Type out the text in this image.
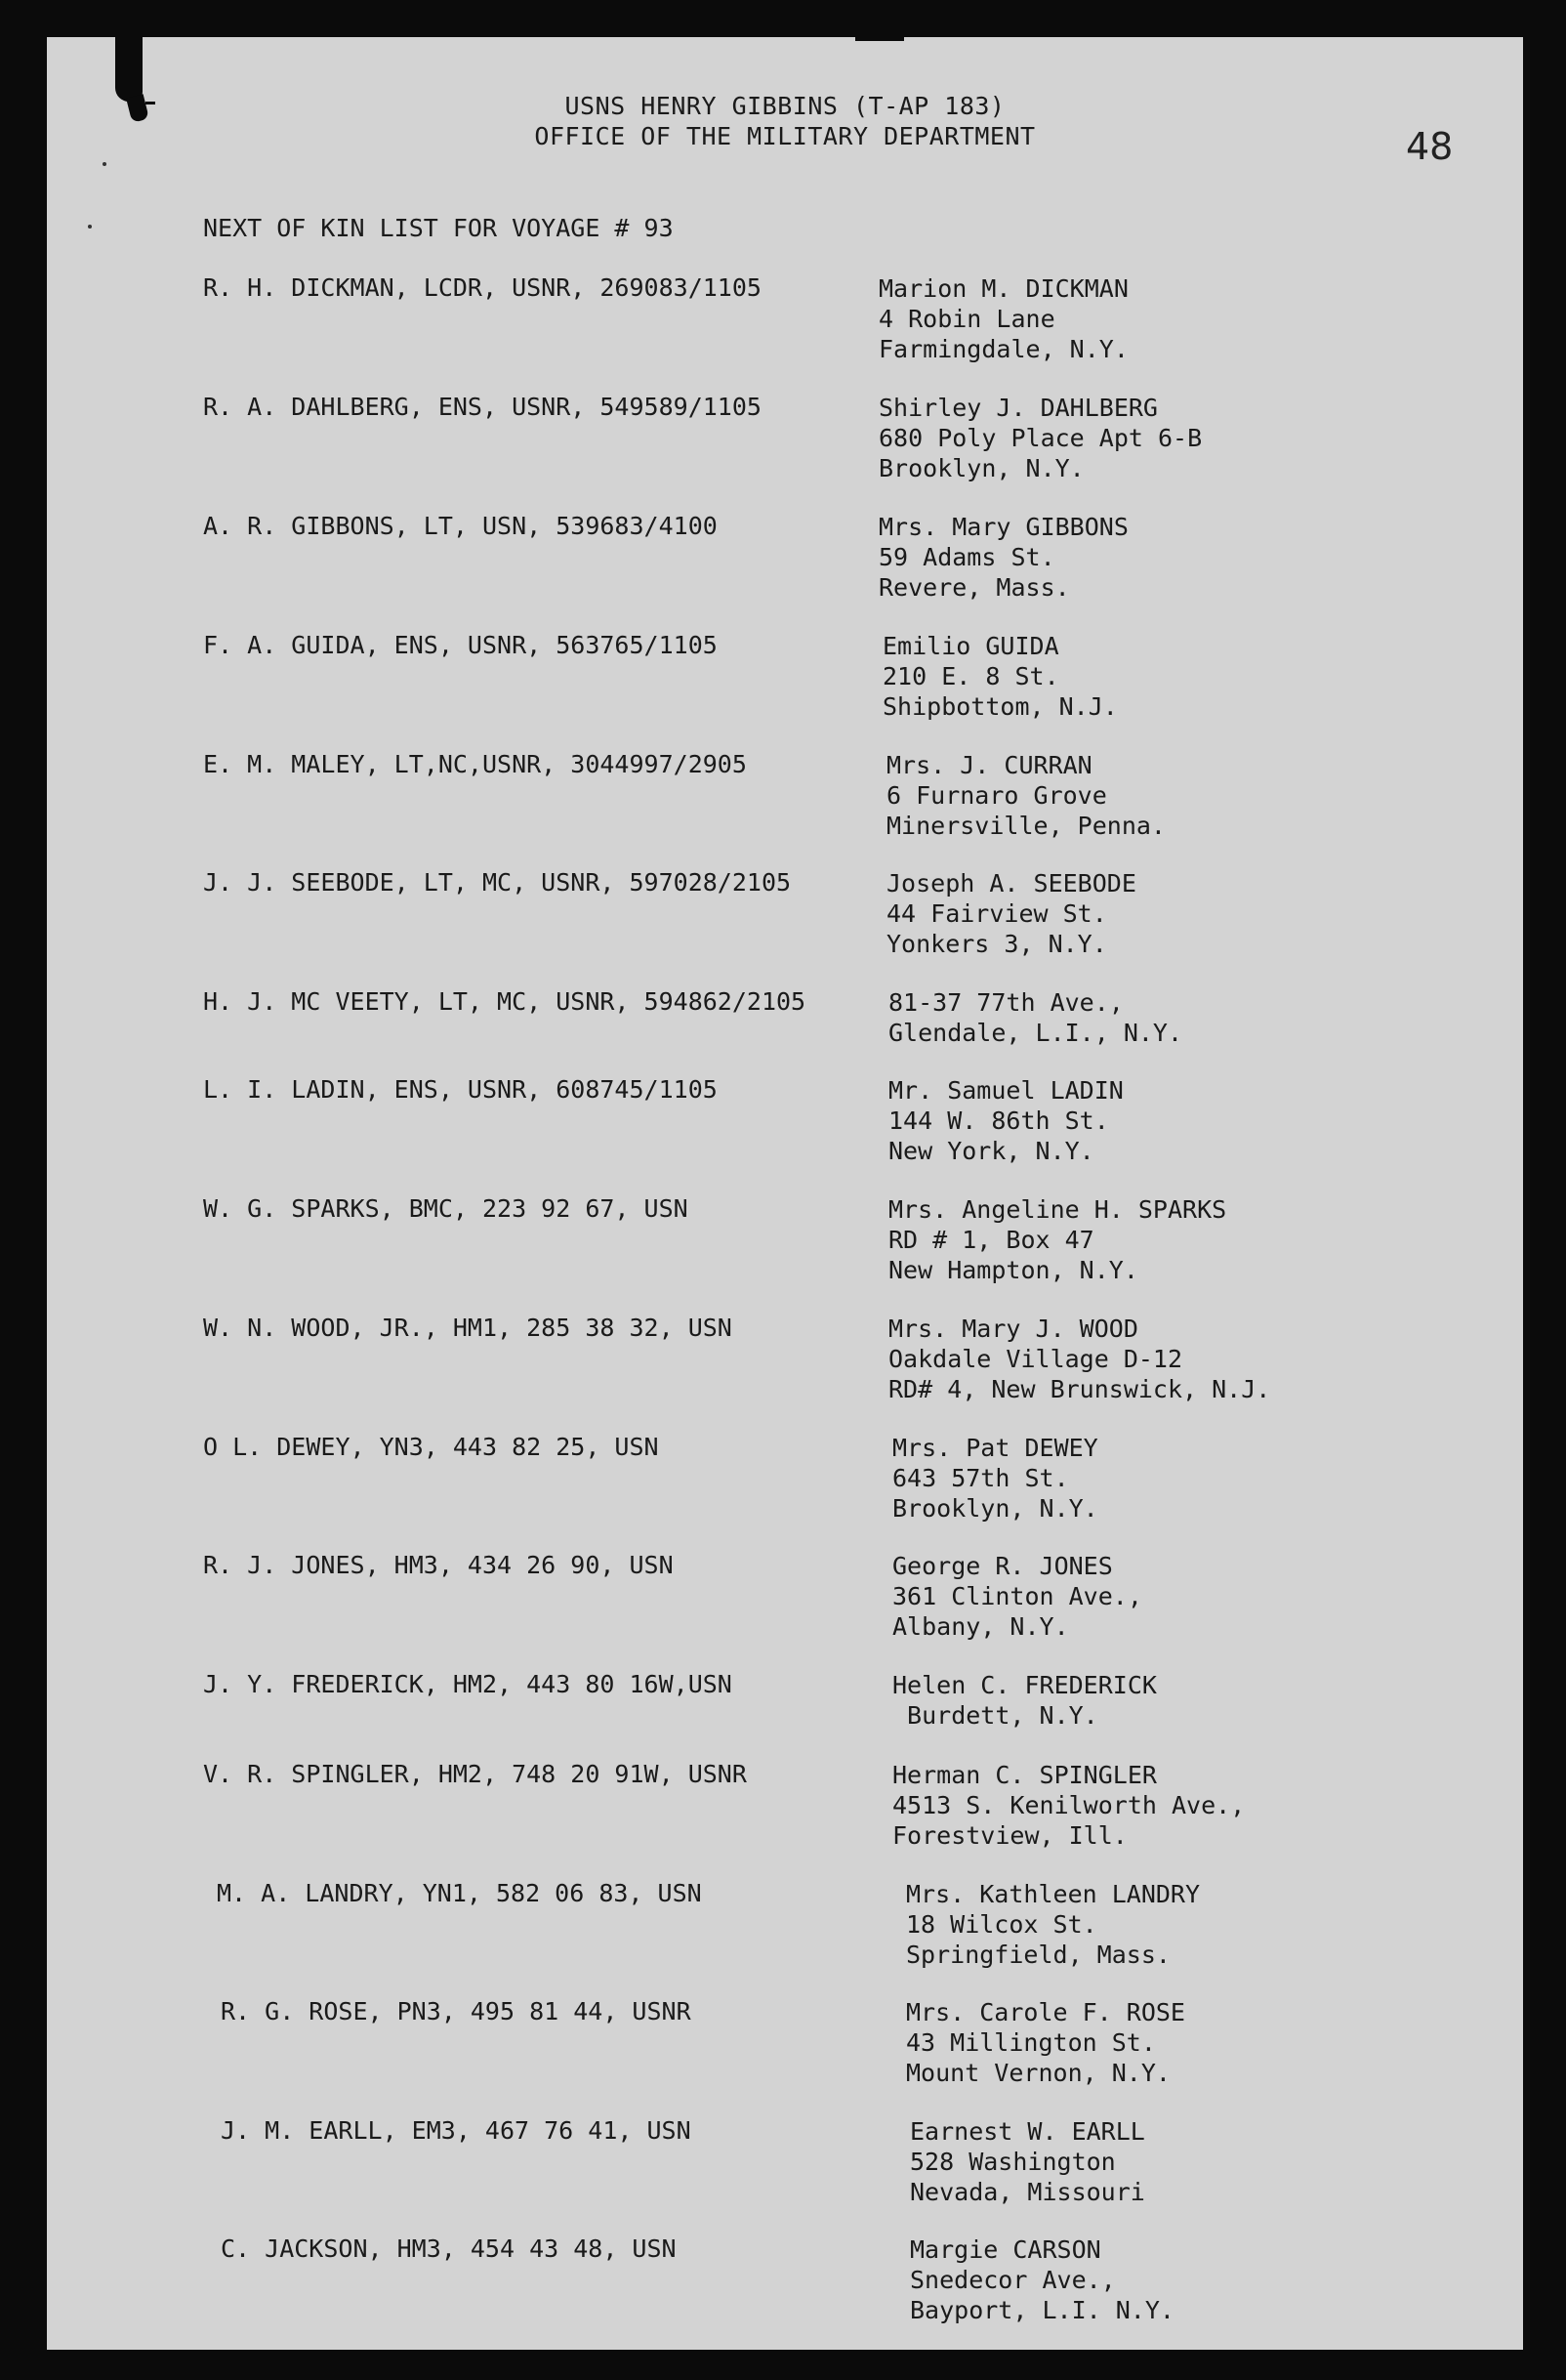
USNS HENRY GIBBINS (T-AP 183)
OFFICE OF THE MILITARY DEPARTMENT	48
NEXT OF KIN LIST FOR VOYAGE # 93
R. H. DICKMAN, LCDR, USNR, 269083/1105	Marion M. DICKMAN
4 Robin Lane
Farmingdale, N.Y.
R. A. DAHLBERG, ENS, USNR, 549589/1105	Shirley J. DAHLBERG
680 Poly Place Apt 6-B
Brooklyn, N.Y.
A. R. GIBBONS, LT, USN, 539683/4100	Mrs. Mary GIBBONS
59 Adams St.
Revere, Mass.
F. A. GUIDA, ENS, USNR, 563765/1105	Emilio GUIDA
210 E. 8 St.
Shipbottom, N.J.
E. M. MALEY, LT,NC,USNR, 3044997/2905	Mrs. J. CURRAN
6 Furnaro Grove
Minersville, Penna.
J. J. SEEBODE, LT, MC, USNR, 597028/2105	Joseph A. SEEBODE
44 Fairview St.
Yonkers 3, N.Y.
H. J. MC VEETY, LT, MC, USNR, 594862/2105	81-37 77th Ave.,
Glendale, L.I., N.Y.
L. I. LADIN, ENS, USNR, 608745/1105	Mr. Samuel LADIN
144 W. 86th St.
New York, N.Y.
W. G. SPARKS, BMC, 223 92 67, USN	Mrs. Angeline H. SPARKS
RD # 1, Box 47
New Hampton, N.Y.
W. N. WOOD, JR., HM1, 285 38 32, USN	Mrs. Mary J. WOOD
Oakdale Village D-12
RD# 4, New Brunswick, N.J.
O L. DEWEY, YN3, 443 82 25, USN	Mrs. Pat DEWEY
643 57th St.
Brooklyn, N.Y.
R. J. JONES, HM3, 434 26 90, USN	George R. JONES
361 Clinton Ave.,
Albany, N.Y.
J. Y. FREDERICK, HM2, 443 80 16W,USN	Helen C. FREDERICK
Burdett, N.Y.
V. R. SPINGLER, HM2, 748 20 91W, USNR	Herman C. SPINGLER
4513 S. Kenilworth Ave.,
Forestview, Ill.
M. A. LANDRY, YN1, 582 06 83, USN	Mrs. Kathleen LANDRY
18 Wilcox St.
Springfield, Mass.
R. G. ROSE, PN3, 495 81 44, USNR	Mrs. Carole F. ROSE
43 Millington St.
Mount Vernon, N.Y.
J. M. EARLL, EM3, 467 76 41, USN	Earnest W. EARLL
528 Washington
Nevada, Missouri
C. JACKSON, HM3, 454 43 48, USN	Margie CARSON
Snedecor Ave.,
Bayport, L.I. N.Y.
